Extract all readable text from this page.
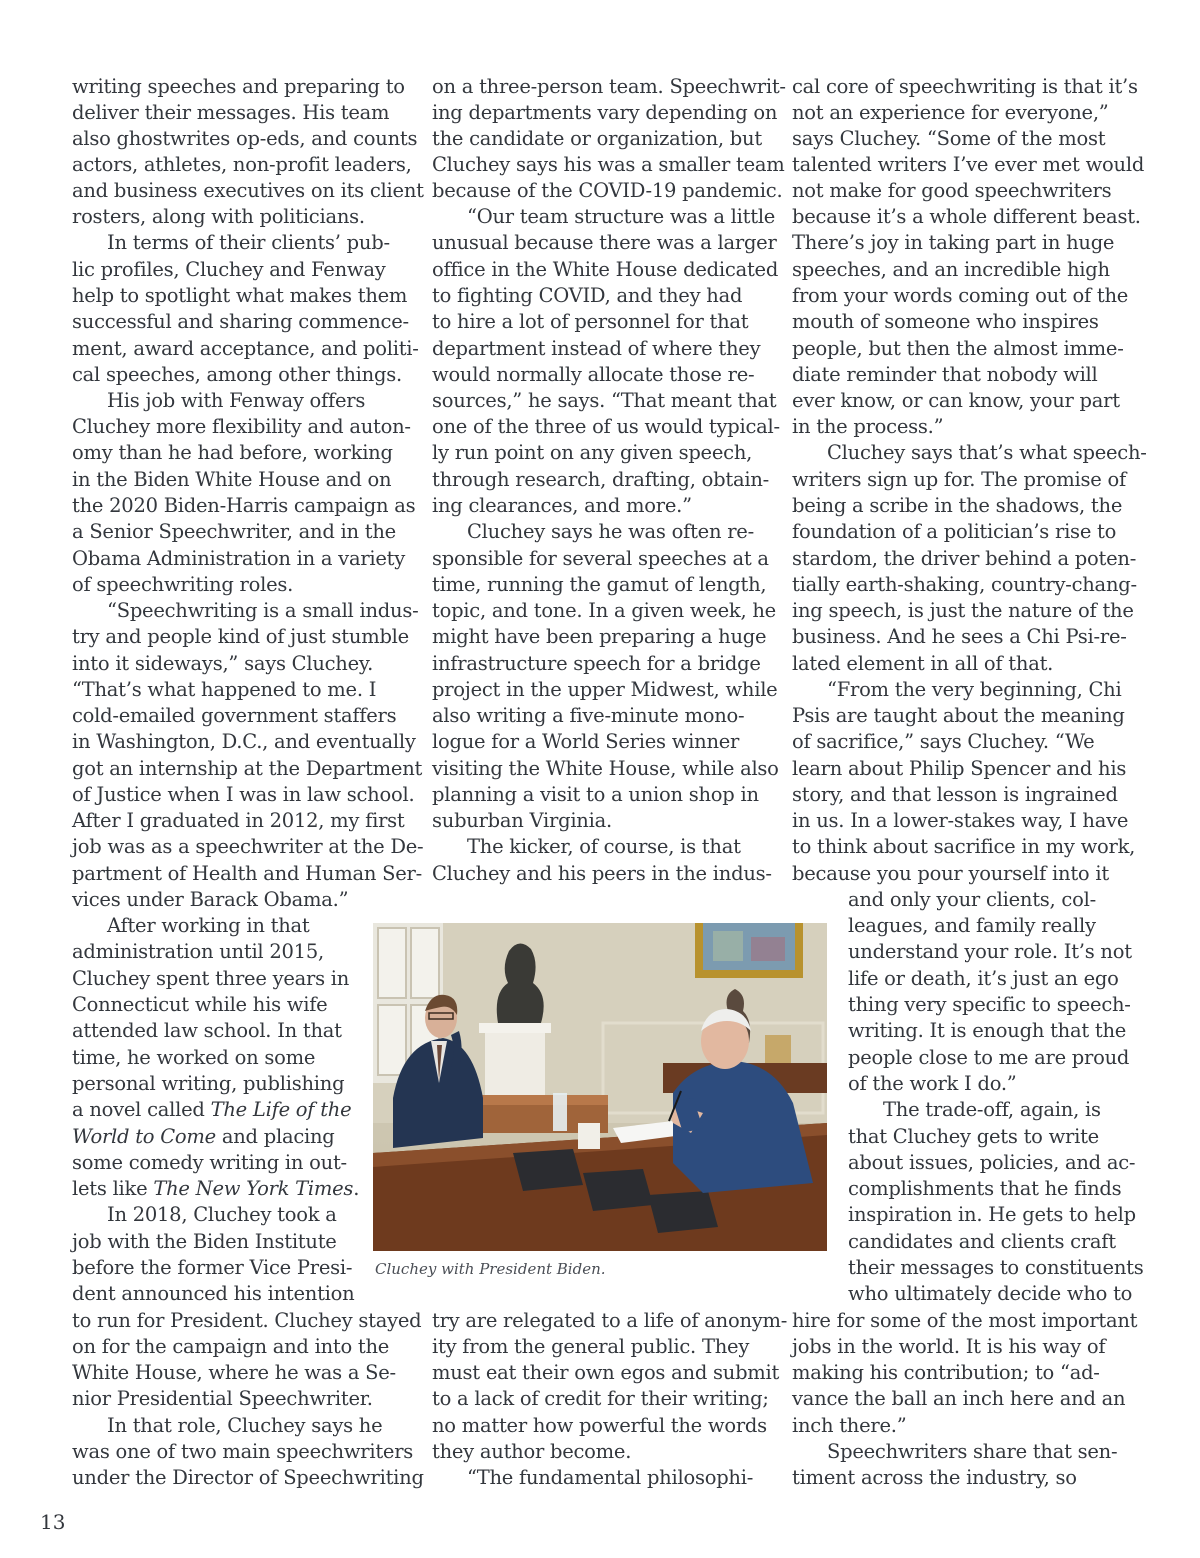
writing speeches and preparing to
deliver their messages. His team
also ghostwrites op-eds, and counts
actors, athletes, non-profit leaders,
and business executives on its client
rosters, along with politicians.
In terms of their clients’ pub-
lic profiles, Cluchey and Fenway
help to spotlight what makes them
successful and sharing commence-
ment, award acceptance, and politi-
cal speeches, among other things.
His job with Fenway offers
Cluchey more flexibility and auton-
omy than he had before, working
in the Biden White House and on
the 2020 Biden-Harris campaign as
a Senior Speechwriter, and in the
Obama Administration in a variety
of speechwriting roles.
“Speechwriting is a small indus-
try and people kind of just stumble
into it sideways,” says Cluchey.
“That’s what happened to me. I
cold-emailed government staffers
in Washington, D.C., and eventually
got an internship at the Department
of Justice when I was in law school.
After I graduated in 2012, my first
job was as a speechwriter at the De-
partment of Health and Human Ser-
vices under Barack Obama.”
After working in that
administration until 2015,
Cluchey spent three years in
Connecticut while his wife
attended law school. In that
time, he worked on some
personal writing, publishing
a novel called The Life of the
World to Come and placing
some comedy writing in out-
lets like The New York Times.
In 2018, Cluchey took a
job with the Biden Institute
before the former Vice Presi-
dent announced his intention
to run for President. Cluchey stayed
on for the campaign and into the
White House, where he was a Se-
nior Presidential Speechwriter.
In that role, Cluchey says he
was one of two main speechwriters
under the Director of Speechwriting
on a three-person team. Speechwrit-
ing departments vary depending on
the candidate or organization, but
Cluchey says his was a smaller team
because of the COVID-19 pandemic.
“Our team structure was a little
unusual because there was a larger
office in the White House dedicated
to fighting COVID, and they had
to hire a lot of personnel for that
department instead of where they
would normally allocate those re-
sources,” he says. “That meant that
one of the three of us would typical-
ly run point on any given speech,
through research, drafting, obtain-
ing clearances, and more.”
Cluchey says he was often re-
sponsible for several speeches at a
time, running the gamut of length,
topic, and tone. In a given week, he
might have been preparing a huge
infrastructure speech for a bridge
project in the upper Midwest, while
also writing a five-minute mono-
logue for a World Series winner
visiting the White House, while also
planning a visit to a union shop in
suburban Virginia.
The kicker, of course, is that
Cluchey and his peers in the indus-
try are relegated to a life of anonym-
ity from the general public. They
must eat their own egos and submit
to a lack of credit for their writing;
no matter how powerful the words
they author become.
“The fundamental philosophi-
cal core of speechwriting is that it’s
not an experience for everyone,”
says Cluchey. “Some of the most
talented writers I’ve ever met would
not make for good speechwriters
because it’s a whole different beast.
There’s joy in taking part in huge
speeches, and an incredible high
from your words coming out of the
mouth of someone who inspires
people, but then the almost imme-
diate reminder that nobody will
ever know, or can know, your part
in the process.”
Cluchey says that’s what speech-
writers sign up for. The promise of
being a scribe in the shadows, the
foundation of a politician’s rise to
stardom, the driver behind a poten-
tially earth-shaking, country-chang-
ing speech, is just the nature of the
business. And he sees a Chi Psi-re-
lated element in all of that.
“From the very beginning, Chi
Psis are taught about the meaning
of sacrifice,” says Cluchey. “We
learn about Philip Spencer and his
story, and that lesson is ingrained
in us. In a lower-stakes way, I have
to think about sacrifice in my work,
because you pour yourself into it
and only your clients, col-
leagues, and family really
understand your role. It’s not
life or death, it’s just an ego
thing very specific to speech-
writing. It is enough that the
people close to me are proud
of the work I do.”
The trade-off, again, is
that Cluchey gets to write
about issues, policies, and ac-
complishments that he finds
inspiration in. He gets to help
candidates and clients craft
their messages to constituents
who ultimately decide who to
hire for some of the most important
jobs in the world. It is his way of
making his contribution; to “ad-
vance the ball an inch here and an
inch there.”
Speechwriters share that sen-
timent across the industry, so
Cluchey with President Biden.
13
